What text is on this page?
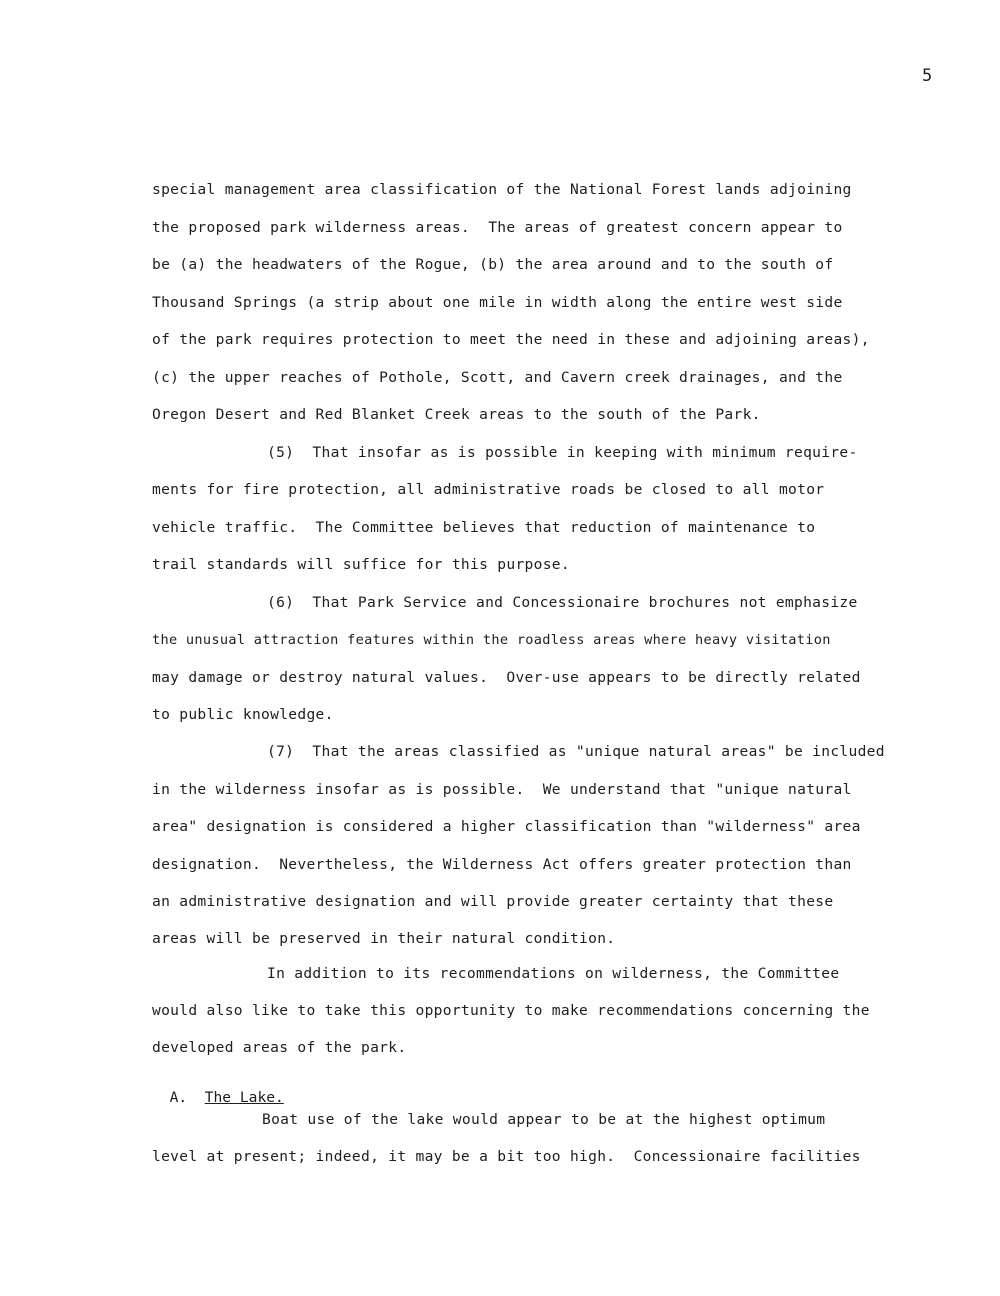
5
special management area classification of the National Forest lands adjoining
the proposed park wilderness areas.  The areas of greatest concern appear to
be (a) the headwaters of the Rogue, (b) the area around and to the south of
Thousand Springs (a strip about one mile in width along the entire west side
of the park requires protection to meet the need in these and adjoining areas),
(c) the upper reaches of Pothole, Scott, and Cavern creek drainages, and the
Oregon Desert and Red Blanket Creek areas to the south of the Park.
(5)  That insofar as is possible in keeping with minimum require-
ments for fire protection, all administrative roads be closed to all motor
vehicle traffic.  The Committee believes that reduction of maintenance to
trail standards will suffice for this purpose.
(6)  That Park Service and Concessionaire brochures not emphasize
the unusual attraction features within the roadless areas where heavy visitation
may damage or destroy natural values.  Over-use appears to be directly related
to public knowledge.
(7)  That the areas classified as "unique natural areas" be included
in the wilderness insofar as is possible.  We understand that "unique natural
area" designation is considered a higher classification than "wilderness" area
designation.  Nevertheless, the Wilderness Act offers greater protection than
an administrative designation and will provide greater certainty that these
areas will be preserved in their natural condition.
In addition to its recommendations on wilderness, the Committee
would also like to take this opportunity to make recommendations concerning the
developed areas of the park.

A. The Lake.

Boat use of the lake would appear to be at the highest optimum
level at present; indeed, it may be a bit too high.  Concessionaire facilities
